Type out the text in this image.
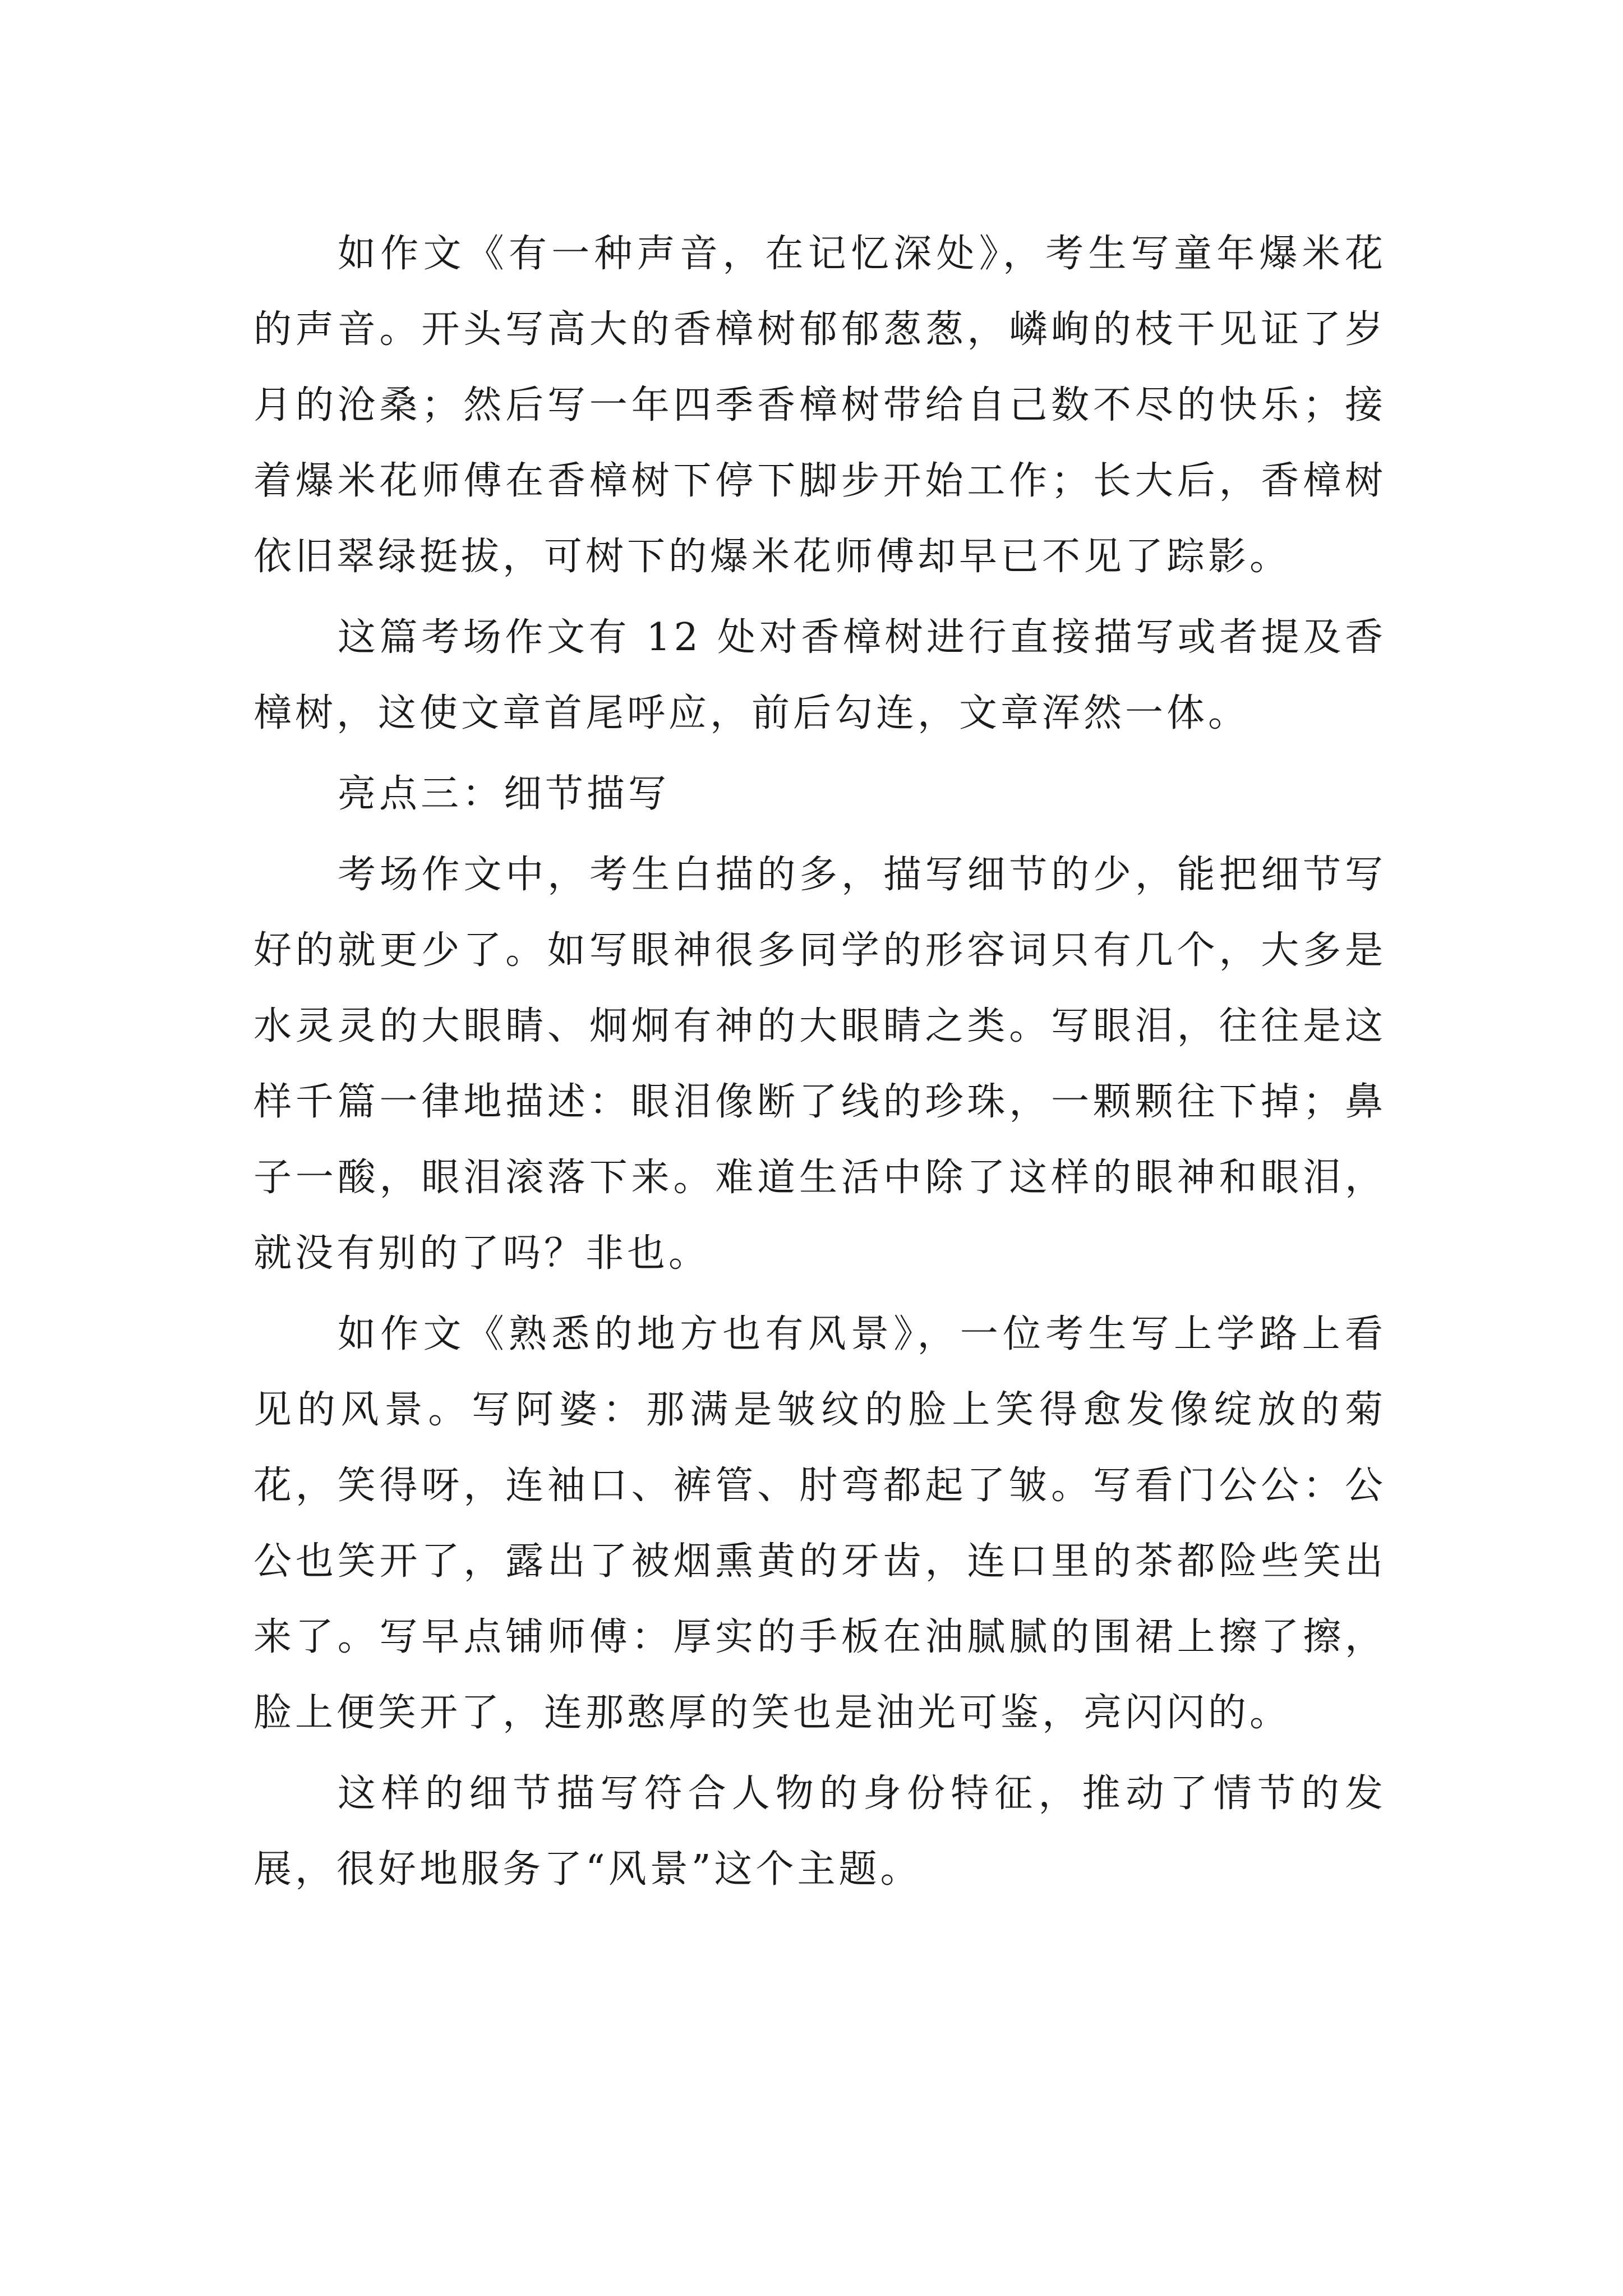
如作文《有一种声音，在记忆深处》，考生写童年爆米花的声音。开头写高大的香樟树郁郁葱葱，嶙峋的枝干见证了岁月的沧桑；然后写一年四季香樟树带给自己数不尽的快乐；接着爆米花师傅在香樟树下停下脚步开始工作；长大后，香樟树依旧翠绿挺拔，可树下的爆米花师傅却早已不见了踪影。

这篇考场作文有 12 处对香樟树进行直接描写或者提及香樟树，这使文章首尾呼应，前后勾连，文章浑然一体。

亮点三：细节描写

考场作文中，考生白描的多，描写细节的少，能把细节写好的就更少了。如写眼神很多同学的形容词只有几个，大多是水灵灵的大眼睛、炯炯有神的大眼睛之类。写眼泪，往往是这样千篇一律地描述：眼泪像断了线的珍珠，一颗颗往下掉；鼻子一酸，眼泪滚落下来。难道生活中除了这样的眼神和眼泪，就没有别的了吗？非也。

如作文《熟悉的地方也有风景》，一位考生写上学路上看见的风景。写阿婆：那满是皱纹的脸上笑得愈发像绽放的菊花，笑得呀，连袖口、裤管、肘弯都起了皱。写看门公公：公公也笑开了，露出了被烟熏黄的牙齿，连口里的茶都险些笑出来了。写早点铺师傅：厚实的手板在油腻腻的围裙上擦了擦，脸上便笑开了，连那憨厚的笑也是油光可鉴，亮闪闪的。

这样的细节描写符合人物的身份特征，推动了情节的发展，很好地服务了“风景”这个主题。
